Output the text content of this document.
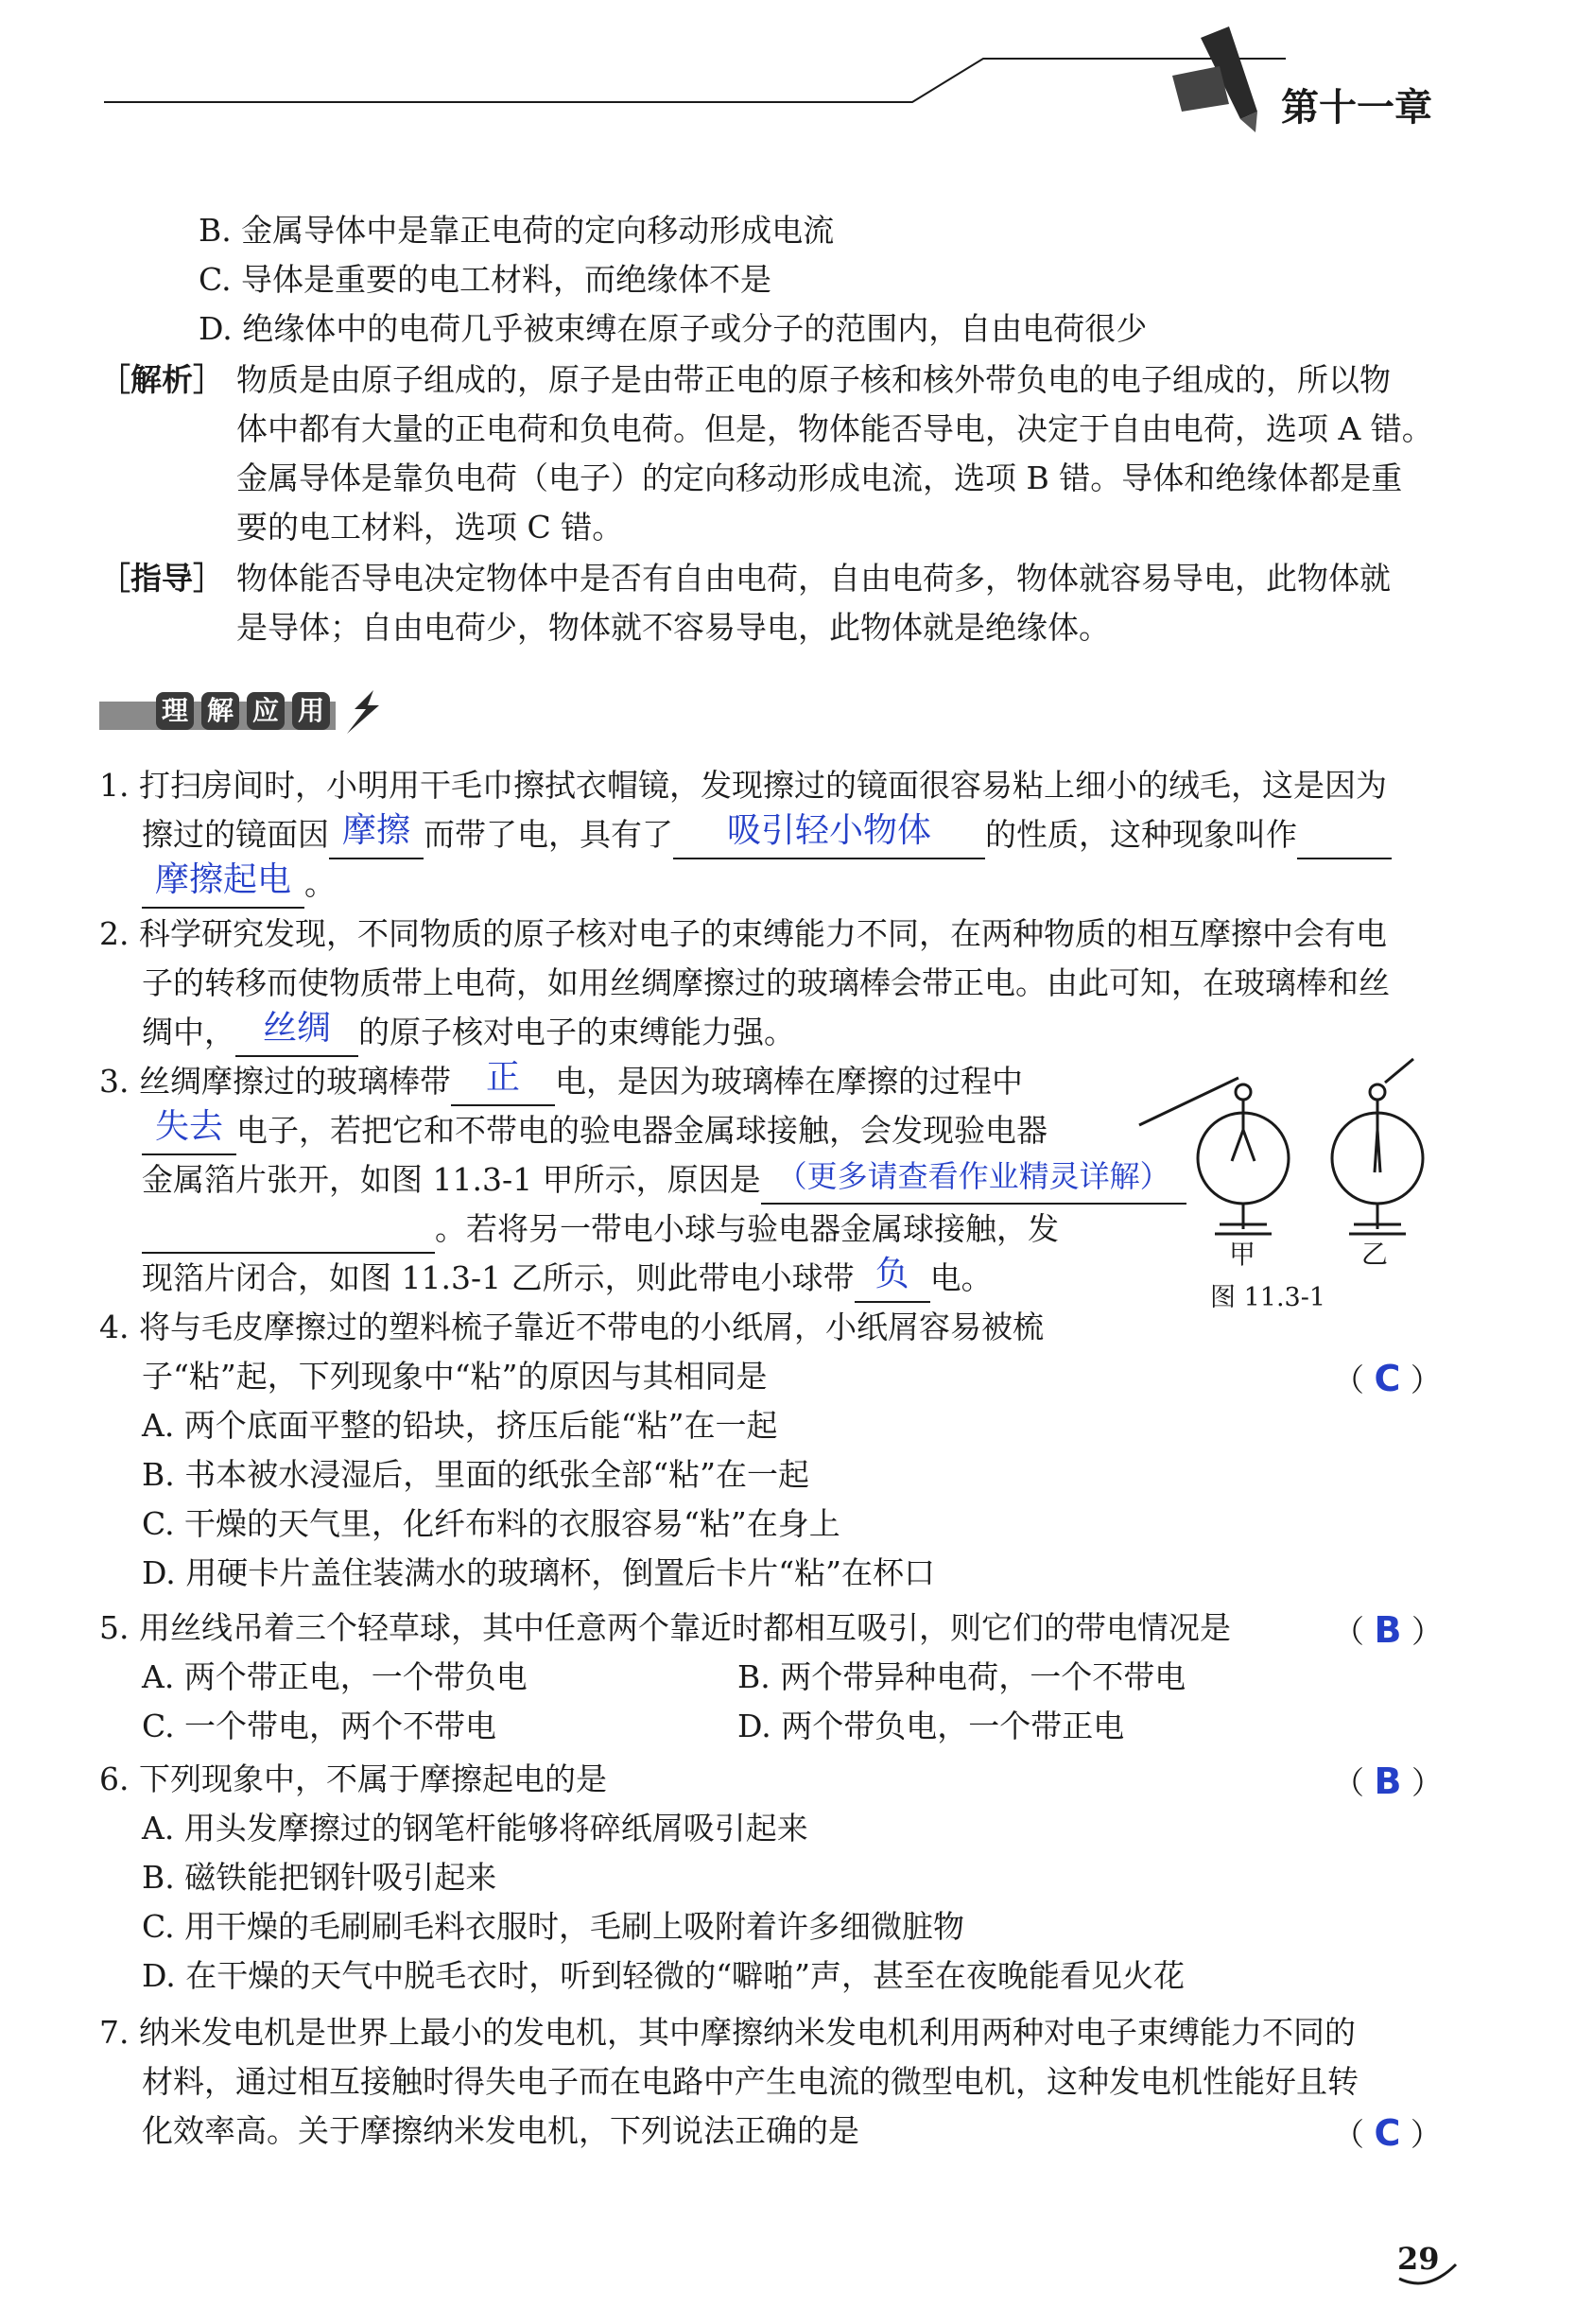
第十一章
B. 金属导体中是靠正电荷的定向移动形成电流
C. 导体是重要的电工材料，而绝缘体不是
D. 绝缘体中的电荷几乎被束缚在原子或分子的范围内，自由电荷很少
［解析］ 物质是由原子组成的，原子是由带正电的原子核和核外带负电的电子组成的，所以物
体中都有大量的正电荷和负电荷。但是，物体能否导电，决定于自由电荷，选项 A 错。
金属导体是靠负电荷（电子）的定向移动形成电流，选项 B 错。导体和绝缘体都是重
要的电工材料，选项 C 错。
［指导］ 物体能否导电决定物体中是否有自由电荷，自由电荷多，物体就容易导电，此物体就
是导体；自由电荷少，物体就不容易导电，此物体就是绝缘体。
理 解 应 用
1. 打扫房间时，小明用干毛巾擦拭衣帽镜，发现擦过的镜面很容易粘上细小的绒毛，这是因为
擦过的镜面因 摩擦 而带了电，具有了 吸引轻小物体 的性质，这种现象叫作
摩擦起电 。
2. 科学研究发现，不同物质的原子核对电子的束缚能力不同，在两种物质的相互摩擦中会有电
子的转移而使物质带上电荷，如用丝绸摩擦过的玻璃棒会带正电。由此可知，在玻璃棒和丝
绸中， 丝绸 的原子核对电子的束缚能力强。
3. 丝绸摩擦过的玻璃棒带 正 电，是因为玻璃棒在摩擦的过程中
失去 电子，若把它和不带电的验电器金属球接触，会发现验电器
金属箔片张开，如图 11.3-1 甲所示，原因是 （更多请查看作业精灵详解）
。若将另一带电小球与验电器金属球接触，发
现箔片闭合，如图 11.3-1 乙所示，则此带电小球带 负 电。
甲	乙
图 11.3-1
4. 将与毛皮摩擦过的塑料梳子靠近不带电的小纸屑，小纸屑容易被梳
子“粘”起，下列现象中“粘”的原因与其相同是	（ C ）
A. 两个底面平整的铅块，挤压后能“粘”在一起
B. 书本被水浸湿后，里面的纸张全部“粘”在一起
C. 干燥的天气里，化纤布料的衣服容易“粘”在身上
D. 用硬卡片盖住装满水的玻璃杯，倒置后卡片“粘”在杯口
5. 用丝线吊着三个轻草球，其中任意两个靠近时都相互吸引，则它们的带电情况是	（ B ）
A. 两个带正电，一个带负电	B. 两个带异种电荷，一个不带电
C. 一个带电，两个不带电	D. 两个带负电，一个带正电
6. 下列现象中，不属于摩擦起电的是	（ B ）
A. 用头发摩擦过的钢笔杆能够将碎纸屑吸引起来
B. 磁铁能把钢针吸引起来
C. 用干燥的毛刷刷毛料衣服时，毛刷上吸附着许多细微脏物
D. 在干燥的天气中脱毛衣时，听到轻微的“噼啪”声，甚至在夜晚能看见火花
7. 纳米发电机是世界上最小的发电机，其中摩擦纳米发电机利用两种对电子束缚能力不同的
材料，通过相互接触时得失电子而在电路中产生电流的微型电机，这种发电机性能好且转
化效率高。关于摩擦纳米发电机，下列说法正确的是	（ C ）
29
